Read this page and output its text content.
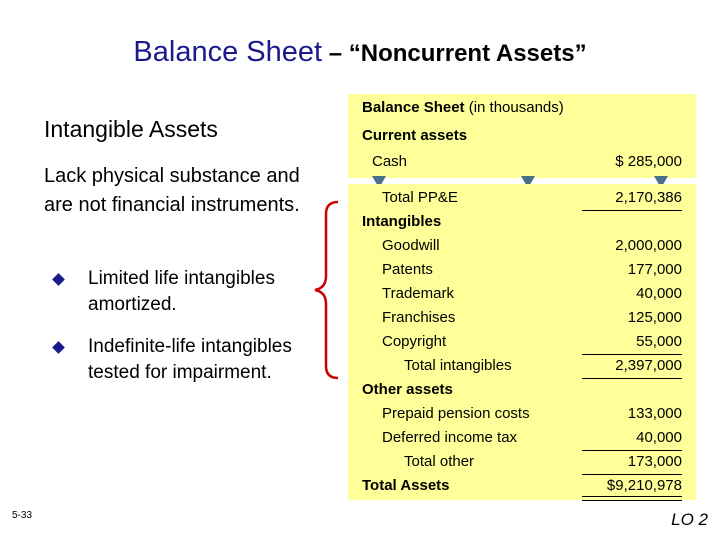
Balance Sheet – “Noncurrent Assets”
Intangible Assets
Lack physical substance and are not financial instruments.
Limited life intangibles amortized.
Indefinite-life intangibles tested for impairment.
Balance Sheet (in thousands)
Current assets
Cash	$ 285,000
Total PP&E	2,170,386
Intangibles
Goodwill	2,000,000
Patents	177,000
Trademark	40,000
Franchises	125,000
Copyright	55,000
Total intangibles	2,397,000
Other assets
Prepaid pension costs	133,000
Deferred income tax	40,000
Total other	173,000
Total Assets	$9,210,978
5-33	LO 2
